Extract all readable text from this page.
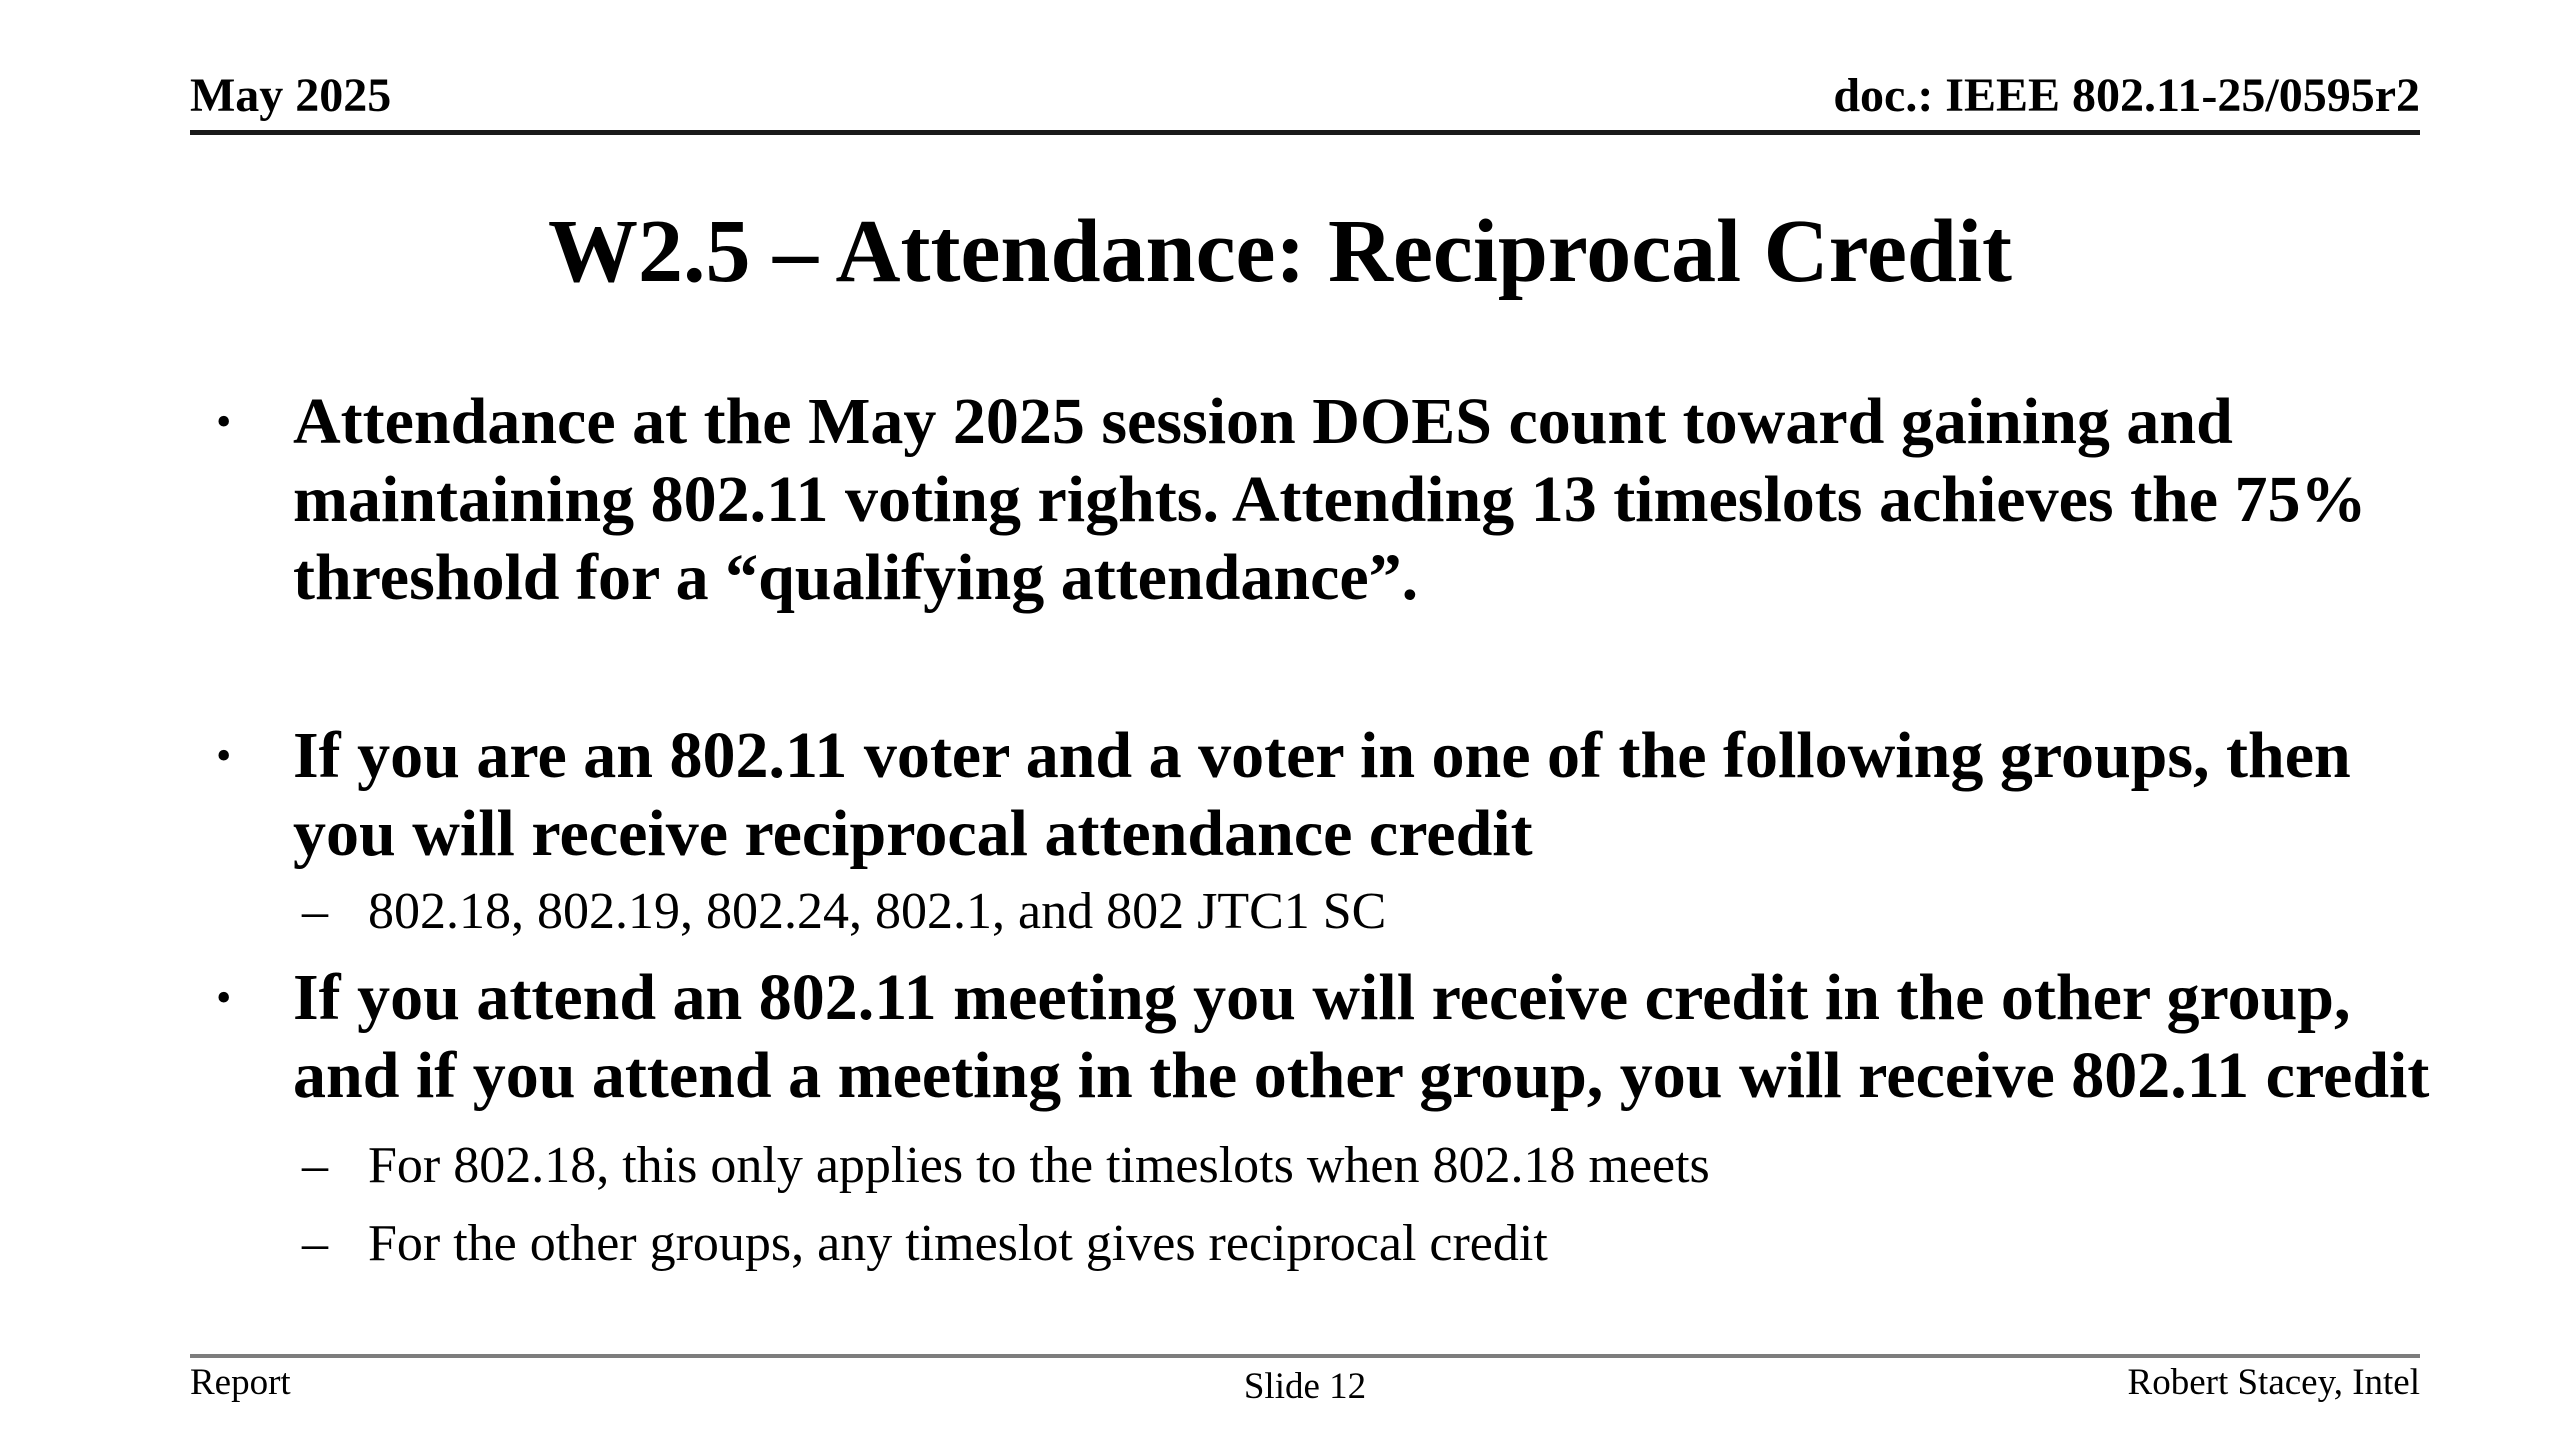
May 2025	doc.: IEEE 802.11-25/0595r2
W2.5 – Attendance: Reciprocal Credit
• Attendance at the May 2025 session DOES count toward gaining and maintaining 802.11 voting rights. Attending 13 timeslots achieves the 75% threshold for a “qualifying attendance”.
• If you are an 802.11 voter and a voter in one of the following groups, then you will receive reciprocal attendance credit
– 802.18, 802.19, 802.24, 802.1, and 802 JTC1 SC
• If you attend an 802.11 meeting you will receive credit in the other group, and if you attend a meeting in the other group, you will receive 802.11 credit
– For 802.18, this only applies to the timeslots when 802.18 meets
– For the other groups, any timeslot gives reciprocal credit
Report	Slide 12	Robert Stacey, Intel
